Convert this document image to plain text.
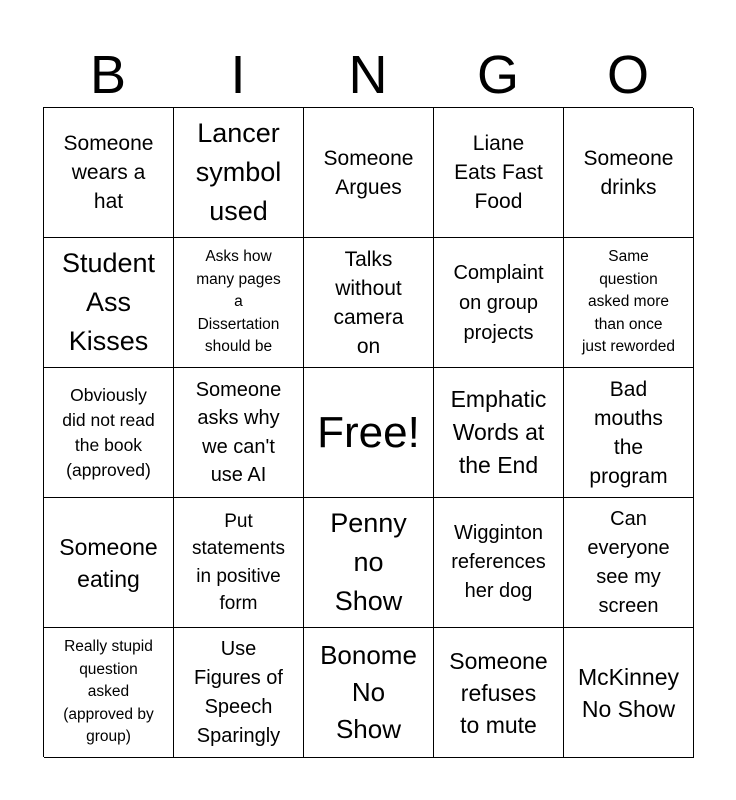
B	I	N	G	O
Someone
wears a
hat
Lancer
symbol
used
Someone
Argues
Liane
Eats Fast
Food
Someone
drinks
Student
Ass
Kisses
Asks how
many pages
a
Dissertation
should be
Talks
without
camera
on
Complaint
on group
projects
Same
question
asked more
than once
just reworded
Obviously
did not read
the book
(approved)
Someone
asks why
we can't
use AI
Free!
Emphatic
Words at
the End
Bad
mouths
the
program
Someone
eating
Put
statements
in positive
form
Penny
no
Show
Wigginton
references
her dog
Can
everyone
see my
screen
Really stupid
question
asked
(approved by
group)
Use
Figures of
Speech
Sparingly
Bonome
No
Show
Someone
refuses
to mute
McKinney
No Show
